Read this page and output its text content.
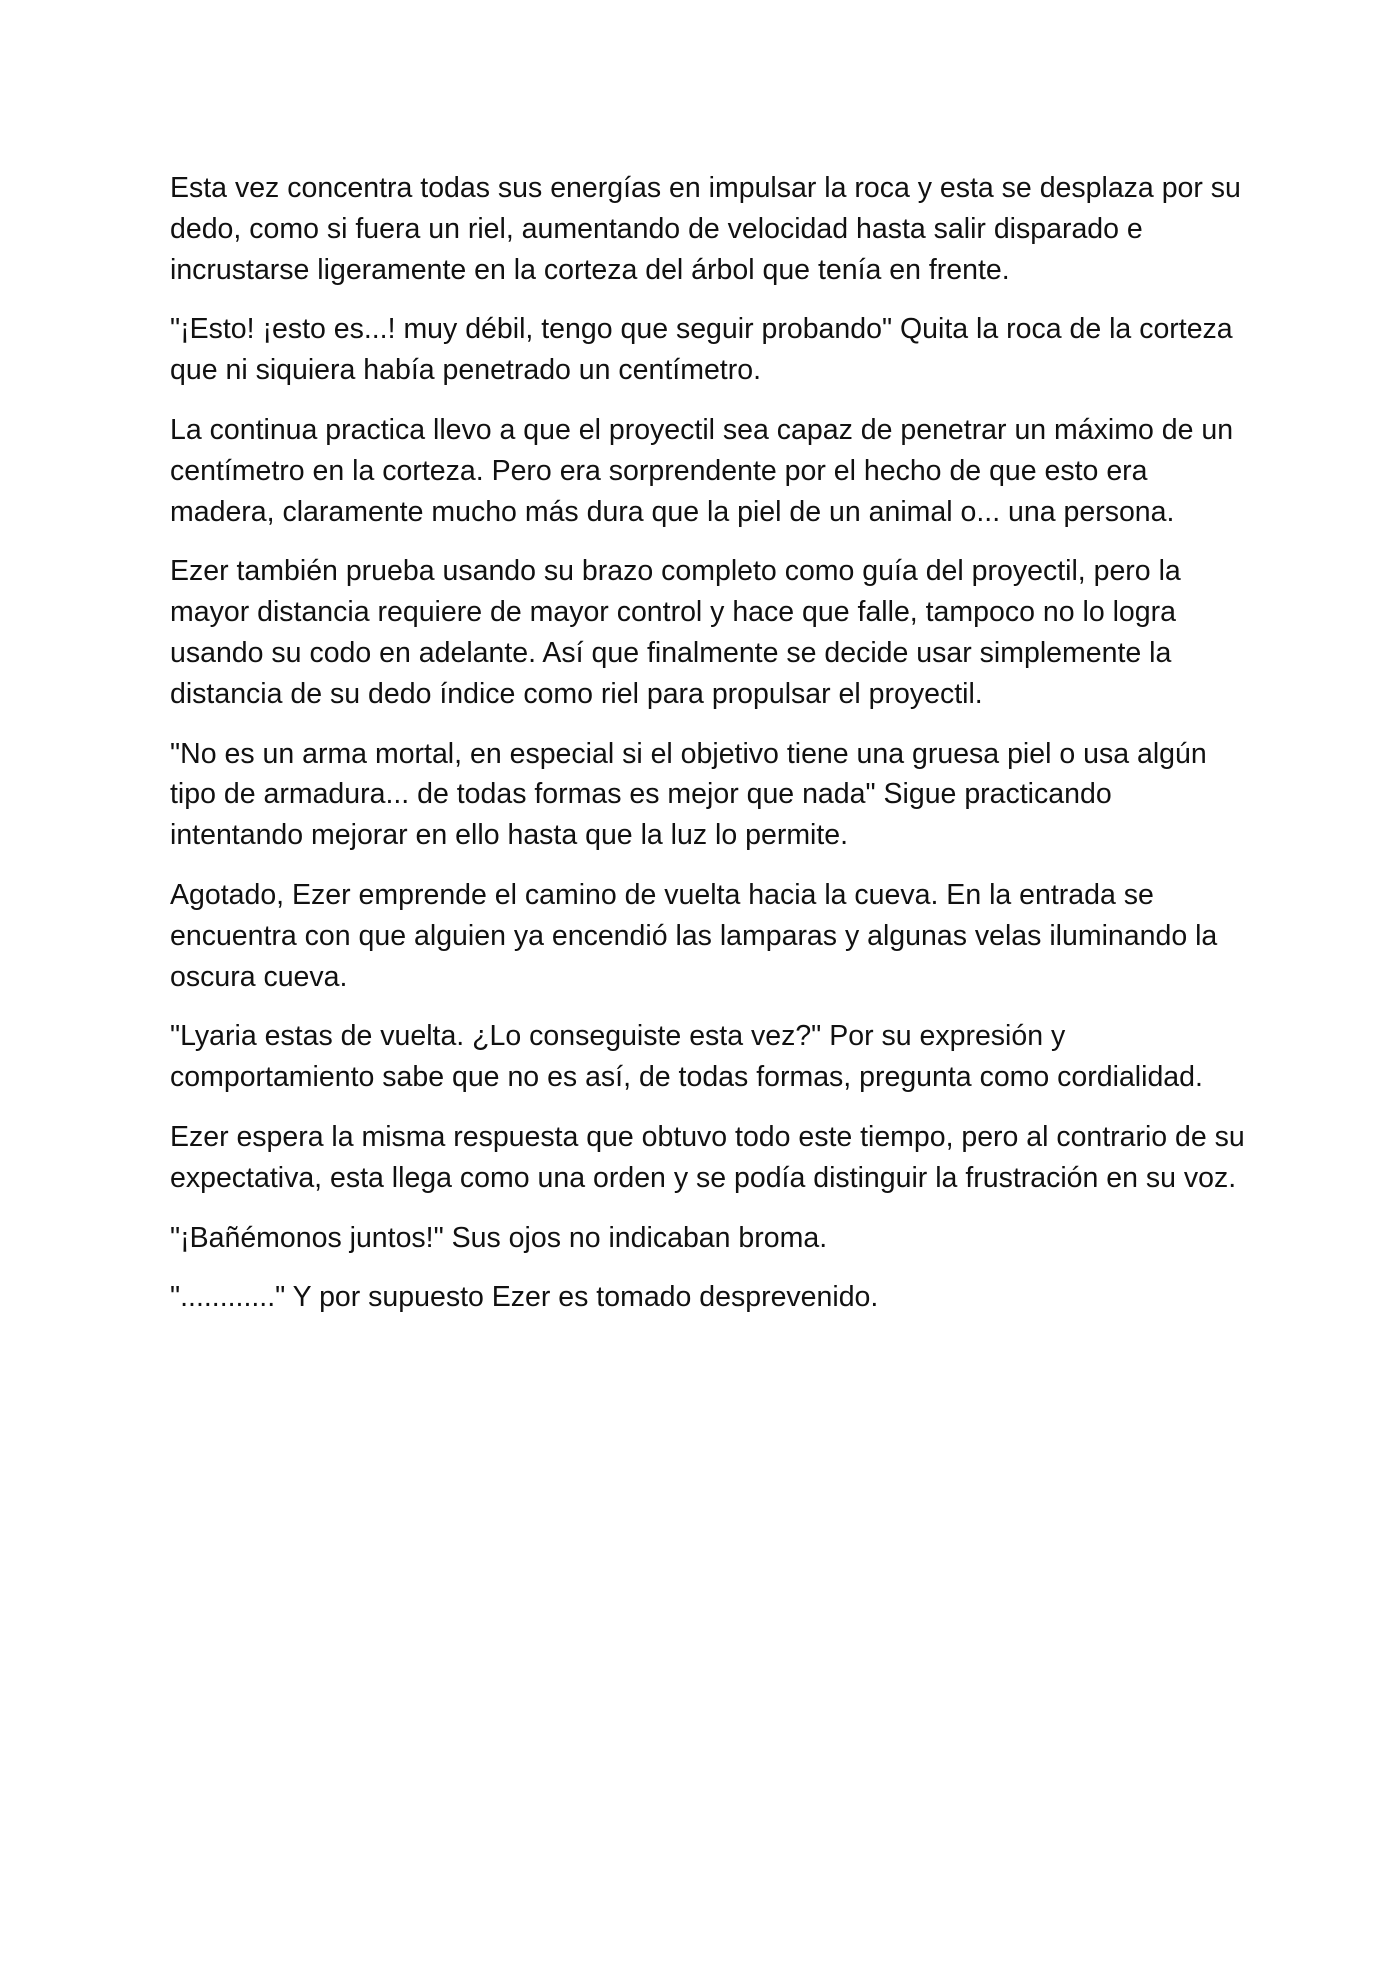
Esta vez concentra todas sus energías en impulsar la roca y esta se desplaza por su
dedo, como si fuera un riel, aumentando de velocidad hasta salir disparado e
incrustarse ligeramente en la corteza del árbol que tenía en frente.

"¡Esto! ¡esto es...! muy débil, tengo que seguir probando" Quita la roca de la corteza
que ni siquiera había penetrado un centímetro.

La continua practica llevo a que el proyectil sea capaz de penetrar un máximo de un
centímetro en la corteza. Pero era sorprendente por el hecho de que esto era
madera, claramente mucho más dura que la piel de un animal o... una persona.

Ezer también prueba usando su brazo completo como guía del proyectil, pero la
mayor distancia requiere de mayor control y hace que falle, tampoco no lo logra
usando su codo en adelante. Así que finalmente se decide usar simplemente la
distancia de su dedo índice como riel para propulsar el proyectil.

"No es un arma mortal, en especial si el objetivo tiene una gruesa piel o usa algún
tipo de armadura... de todas formas es mejor que nada" Sigue practicando
intentando mejorar en ello hasta que la luz lo permite.

Agotado, Ezer emprende el camino de vuelta hacia la cueva. En la entrada se
encuentra con que alguien ya encendió las lamparas y algunas velas iluminando la
oscura cueva.

"Lyaria estas de vuelta. ¿Lo conseguiste esta vez?" Por su expresión y
comportamiento sabe que no es así, de todas formas, pregunta como cordialidad.

Ezer espera la misma respuesta que obtuvo todo este tiempo, pero al contrario de su
expectativa, esta llega como una orden y se podía distinguir la frustración en su voz.

"¡Bañémonos juntos!" Sus ojos no indicaban broma.

"............" Y por supuesto Ezer es tomado desprevenido.
